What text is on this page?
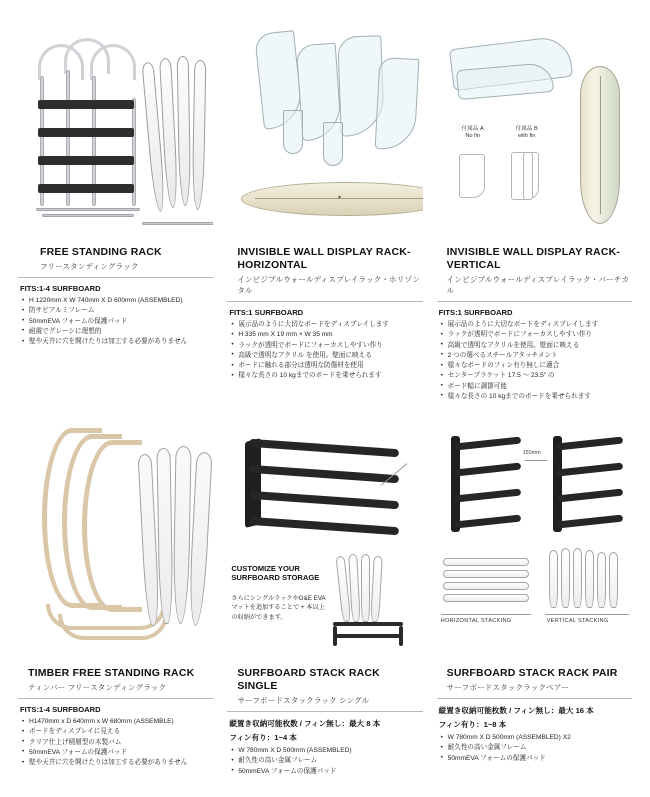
FREE STANDING RACK
フリースタンディングラック
FITS:1-4 SURFBOARD
• H 1220mm X W 740mm X D 600mm (ASSEMBLED)
• 防サビアルミフレーム
• 50mmEVA フォームの保護パッド
• 耐震でグレーシに理想的
• 壁や天井に穴を開けたりは加工する必要がありません
◆
INVISIBLE WALL DISPLAY RACK-HORIZONTAL
インビジブルウォールディスプレイラック・ホリゾンタル
FITS:1 SURFBOARD
• 展示品のように大切なボードをディスプレイします
• H 335 mm X 19 mm × W 35 mm
• ラックが透明でボードにフォーカスしやすい作り
• 高級で透明なアクリル を使用。壁面に映える
• ボードに触れる部分は透明な防傷材を使用
• 様々な長さの 10 kgまでのボードを乗せられます
付属品 A
No fin
付属品 B
with fin
INVISIBLE WALL DISPLAY RACK-VERTICAL
インビジブルウォールディスプレイラック・バーチカル
FITS:1 SURFBOARD
• 展示品のように大切なボードをディスプレイします
• ラックが透明でボードにフォーカスしやすい作り
• 高級で透明なアクリルを使用。壁面に映える
• 2 つの選べるスチールアタッチメント
• 様々なボードのフィン有り無しに適合
• センターブラケット 17.5 ～ 23.5" の
• ボード幅に調節可能
• 様々な長さの 10 kgまでのボードを乗せられます
TIMBER FREE STANDING RACK
ティンバー フリースタンディングラック
FITS:1-4 SURFBOARD
• H1470mm x D 640mm x W 680mm (ASSEMBLE)
• ボードをディスプレイに見える
• クリア仕上げ積層型の木製バム
• 50mmEVA フォームの保護パッド
• 壁や天井に穴を開けたりは加工する必要がありません
CUSTOMIZE YOUR SURFBOARD STORAGE
さらにシングルラックやG&E EVA マットを追加することで + 本以上の収納ができます。
SURFBOARD STACK RACK SINGLE
サーフボードスタックラック シングル
縦置き収納可能枚数 / フィン無し：最大 8 本
フィン有り：1~4 本
• W 780mm X D 500mm (ASSEMBLED)
• 耐久性の高い金属フレーム
• 50mmEVA フォームの保護パッド
150mm
HORIZONTAL STACKING	VERTICAL STACKING
SURFBOARD STACK RACK PAIR
サーフボードスタックラックペアー
縦置き収納可能枚数 / フィン無し：最大 16 本
フィン有り：1~8 本
• W 780mm X D 500mm (ASSEMBLED) X2
• 耐久性の高い金属フレーム
• 50mmEVA フォームの保護パッド
